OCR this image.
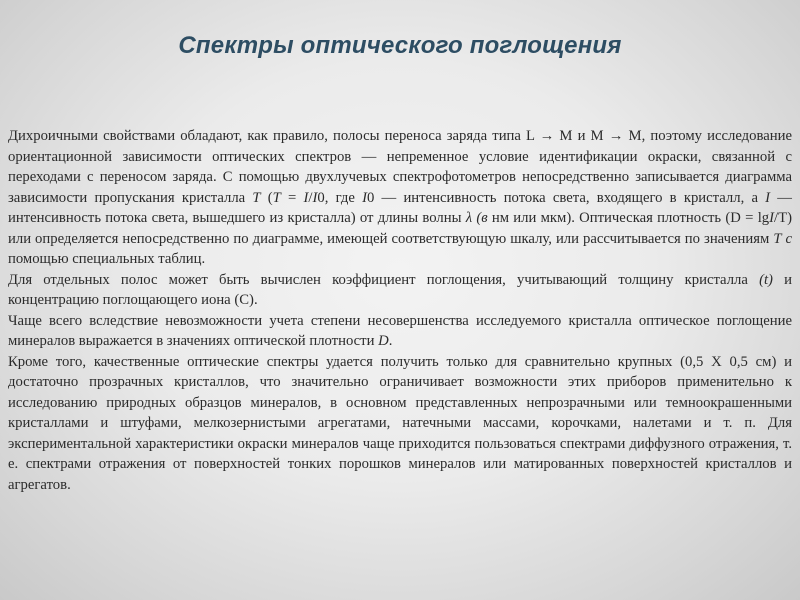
Спектры оптического поглощения

Дихроичными свойствами обладают, как правило, полосы переноса заряда типа L → M и M → M, поэтому исследование ориентационной зависимости оптических спектров — непременное условие идентификации окраски, связанной с переходами с переносом заряда. С помощью двухлучевых спектрофотометров непосредственно записывается диаграмма зависимости пропускания кристалла Т (T = I/I0, где I0 — интенсивность потока света, входящего в кристалл, а I — интенсивность потока света, вышедшего из кристалла) от длины волны λ (в нм или мкм). Оптическая плотность (D = lgI/T) или определяется непосредственно по диаграмме, имеющей соответствующую шкалу, или рассчитывается по значениям Т с помощью специальных таблиц.

Для отдельных полос может быть вычислен коэффициент поглощения, учитывающий толщину кристалла (t) и концентрацию поглощающего иона (С).

Чаще всего вследствие невозможности учета степени несовершенства исследуемого кристалла оптическое поглощение минералов выражается в значениях оптической плотности D.

Кроме того, качественные оптические спектры удается получить только для сравнительно крупных (0,5 Х 0,5 см) и достаточно прозрачных кристаллов, что значительно ограничивает возможности этих приборов применительно к исследованию природных образцов минералов, в основном представленных непрозрачными или темноокрашенными кристаллами и штуфами, мелкозернистыми агрегатами, натечными массами, корочками, налетами и т. п. Для экспериментальной характеристики окраски минералов чаще приходится пользоваться спектрами диффузного отражения, т. е. спектрами отражения от поверхностей тонких порошков минералов или матированных поверхностей кристаллов и агрегатов.
